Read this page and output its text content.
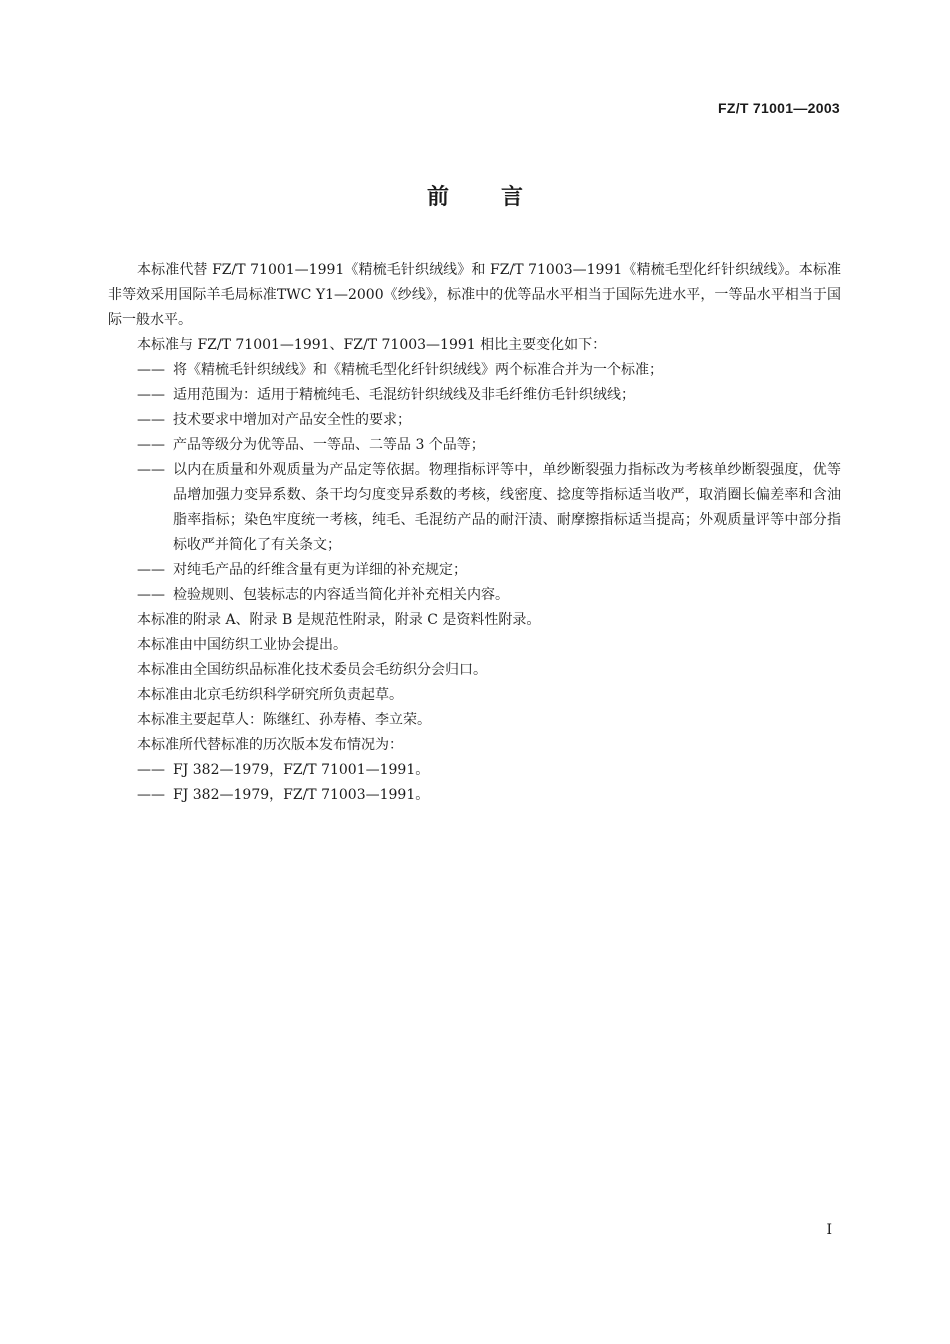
FZ/T 71001—2003
前 言

本标准代替 FZ/T 71001—1991《精梳毛针织绒线》和 FZ/T 71003—1991《精梳毛型化纤针织绒线》。本标准非等效采用国际羊毛局标准TWC Y1—2000《纱线》，标准中的优等品水平相当于国际先进水平，一等品水平相当于国际一般水平。

本标准与 FZ/T 71001—1991、FZ/T 71003—1991 相比主要变化如下：

—— 将《精梳毛针织绒线》和《精梳毛型化纤针织绒线》两个标准合并为一个标准；
—— 适用范围为：适用于精梳纯毛、毛混纺针织绒线及非毛纤维仿毛针织绒线；
—— 技术要求中增加对产品安全性的要求；
—— 产品等级分为优等品、一等品、二等品 3 个品等；
—— 以内在质量和外观质量为产品定等依据。物理指标评等中，单纱断裂强力指标改为考核单纱断裂强度，优等品增加强力变异系数、条干均匀度变异系数的考核，线密度、捻度等指标适当收严，取消圈长偏差率和含油脂率指标；染色牢度统一考核，纯毛、毛混纺产品的耐汗渍、耐摩擦指标适当提高；外观质量评等中部分指标收严并简化了有关条文；
—— 对纯毛产品的纤维含量有更为详细的补充规定；
—— 检验规则、包装标志的内容适当简化并补充相关内容。

本标准的附录 A、附录 B 是规范性附录，附录 C 是资料性附录。

本标准由中国纺织工业协会提出。

本标准由全国纺织品标准化技术委员会毛纺织分会归口。

本标准由北京毛纺织科学研究所负责起草。

本标准主要起草人：陈继红、孙寿椿、李立荣。

本标准所代替标准的历次版本发布情况为：

—— FJ 382—1979，FZ/T 71001—1991。
—— FJ 382—1979，FZ/T 71003—1991。
I
